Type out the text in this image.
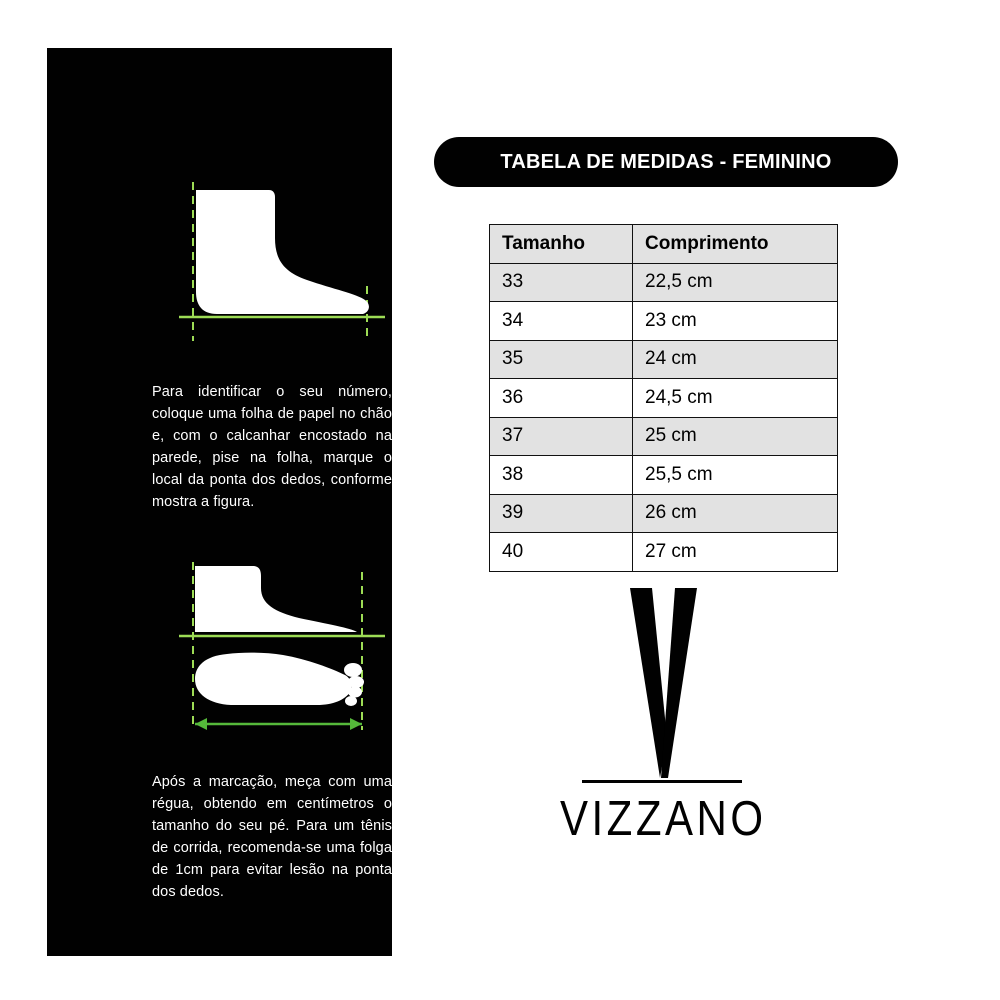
Para identificar o seu número, coloque uma folha de papel no chão e, com o calcanhar encostado na parede, pise na folha, marque o local da ponta dos dedos, conforme mostra a figura.

Após a marcação, meça com uma régua, obtendo em centímetros o tamanho do seu pé. Para um tênis de corrida, recomenda-se uma folga de 1cm para evitar lesão na ponta dos dedos.

TABELA DE MEDIDAS - FEMININO
Tamanho	Comprimento
33	22,5 cm
34	23 cm
35	24 cm
36	24,5 cm
37	25 cm
38	25,5 cm
39	26 cm
40	27 cm
VIZZANO
